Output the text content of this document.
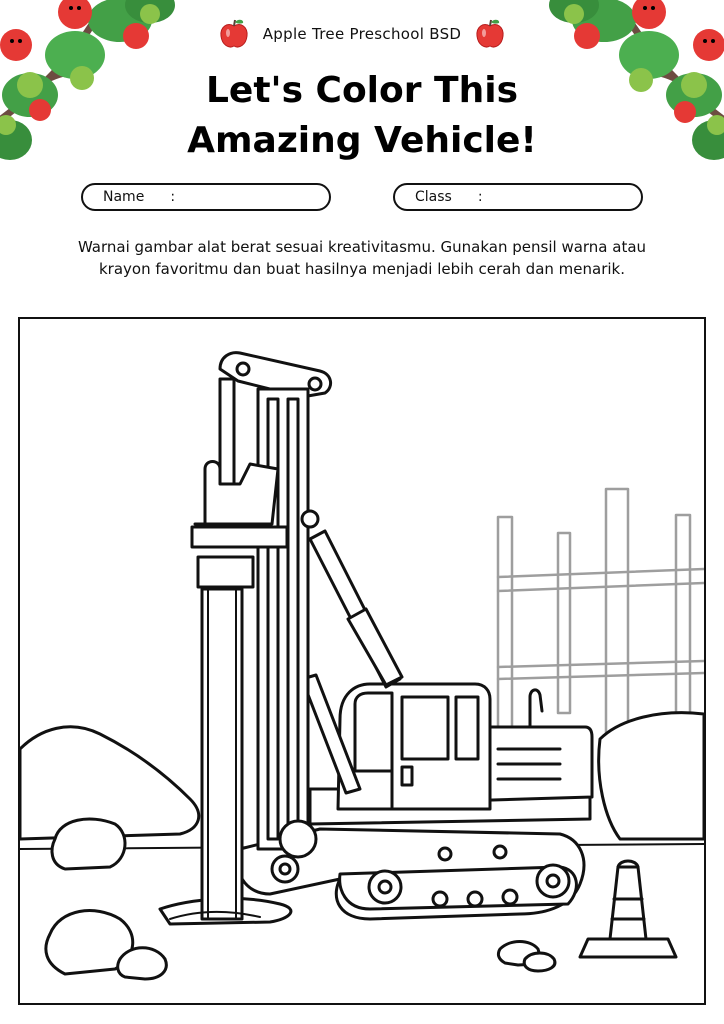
Apple Tree Preschool BSD
Let's Color This
Amazing Vehicle!
Name :	Class :
Warnai gambar alat berat sesuai kreativitasmu. Gunakan pensil warna atau
krayon favoritmu dan buat hasilnya menjadi lebih cerah dan menarik.
